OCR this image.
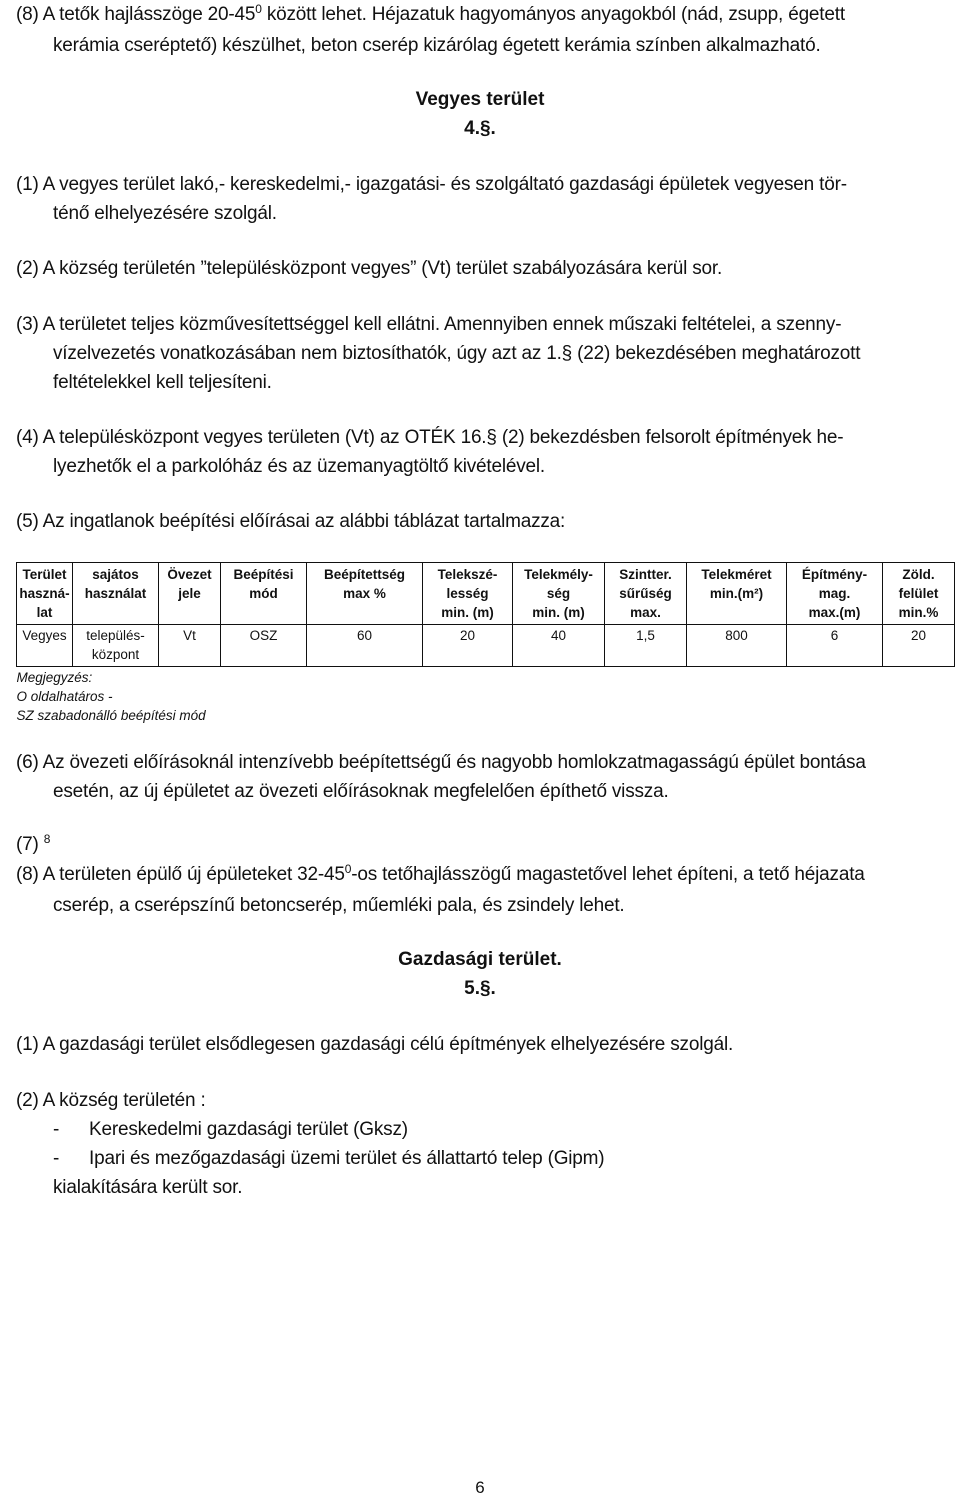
(8) A tetők hajlásszöge $20-45^0$ között lehet. Héjazatuk hagyományos anyagokból (nád, zsupp, égetett
kerámia cseréptető) készülhet, beton cserép kizárólag égetett kerámia színben alkalmazható.
Vegyes terület
4.§.
(1) A vegyes terület lakó,- kereskedelmi,- igazgatási- és szolgáltató gazdasági épületek vegyesen tör-
ténő elhelyezésére szolgál.
(2) A község területén ”településközpont vegyes” (Vt) terület szabályozására kerül sor.
(3) A területet teljes közművesítettséggel kell ellátni. Amennyiben ennek műszaki feltételei, a szenny-
vízelvezetés vonatkozásában nem biztosíthatók, úgy azt az 1.§ (22) bekezdésében meghatározott
feltételekkel kell teljesíteni.
(4) A településközpont vegyes területen (Vt) az OTÉK 16.§ (2) bekezdésben felsorolt építmények he-
lyezhetők el a parkolóház és az üzemanyagtöltő kivételével.
(5) Az ingatlanok beépítési előírásai az alábbi táblázat tartalmazza:
Terület
haszná-
lat	sajátos
használat	Övezet
jele	Beépítési
mód	Beépítettség
max %	Telekszé-
lesség
min. (m)	Telekmély-
ség
min. (m)	Szintter.
sűrűség
max.	Telekméret
min.(m²)	Építmény-
mag.
max.(m)	Zöld.
felület
min.%

Vegyes	település-
központ	Vt	OSZ	60	20	40	1,5	800	6	20

Megjegyzés:
O oldalhatáros -
SZ szabadonálló beépítési mód										

(6) Az övezeti előírásoknál intenzívebb beépítettségű és nagyobb homlokzatmagasságú épület bontása
esetén, az új épületet az övezeti előírásoknak megfelelően építhető vissza.
(7) $^8$
(8) A területen épülő új épületeket $32-45^0-os$ tetőhajlásszögű magastetővel lehet építeni, a tető héjazata
cserép, a cserépszínű betoncserép, műemléki pala, és zsindely lehet.
Gazdasági terület.
5.§.
(1) A gazdasági terület elsődlegesen gazdasági célú építmények elhelyezésére szolgál.
(2) A község területén :
- Kereskedelmi gazdasági terület (Gksz)
- Ipari és mezőgazdasági üzemi terület és állattartó telep (Gipm)
kialakítására került sor.
6
